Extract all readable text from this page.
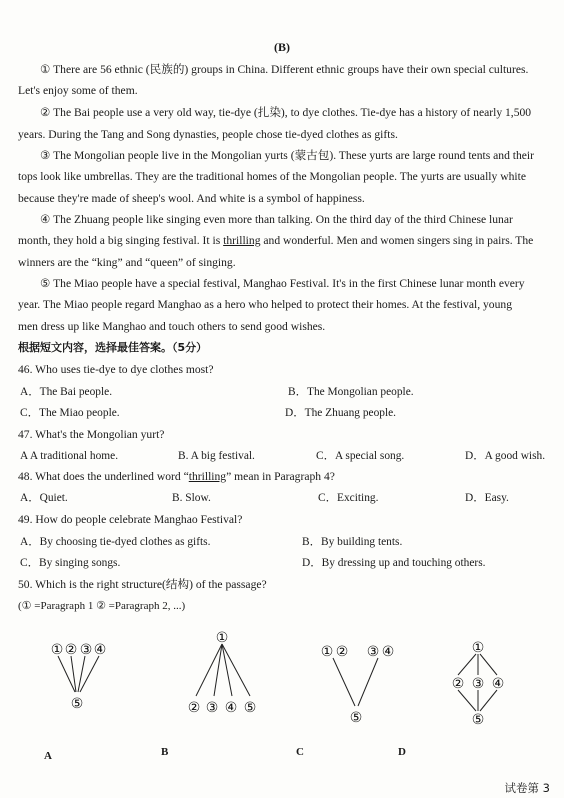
(B)
① There are 56 ethnic (民族的) groups in China. Different ethnic groups have their own special cultures.
Let's enjoy some of them.
② The Bai people use a very old way, tie-dye (扎染), to dye clothes. Tie-dye has a history of nearly 1,500
years. During the Tang and Song dynasties, people chose tie-dyed clothes as gifts.
③ The Mongolian people live in the Mongolian yurts (蒙古包). These yurts are large round tents and their
tops look like umbrellas. They are the traditional homes of the Mongolian people. The yurts are usually white
because they're made of sheep's wool. And white is a symbol of happiness.
④ The Zhuang people like singing even more than talking. On the third day of the third Chinese lunar
month, they hold a big singing festival. It is thrilling and wonderful. Men and women singers sing in pairs. The
winners are the “king” and “queen” of singing.
⑤ The Miao people have a special festival, Manghao Festival. It's in the first Chinese lunar month every
year. The Miao people regard Manghao as a hero who helped to protect their homes. At the festival, young
men dress up like Manghao and touch others to send good wishes.
根据短文内容，选择最佳答案。（5分）
46. Who uses tie-dye to dye clothes most?
A．The Bai people.	B．The Mongolian people.
C．The Miao people.	D．The Zhuang people.
47. What's the Mongolian yurt?
A A traditional home.	B. A big festival.	C．A special song.	D．A good wish.
48. What does the underlined word “thrilling” mean in Paragraph 4?
A．Quiet.	B. Slow.	C．Exciting.	D．Easy.
49. How do people celebrate Manghao Festival?
A．By choosing tie-dyed clothes as gifts.	B．By building tents.
C．By singing songs.	D．By dressing up and touching others.
50. Which is the right structure(结构) of the passage?
(① =Paragraph 1 ② =Paragraph 2, ...)
① ② ③ ④
⑤
①
② ③ ④ ⑤
① ② ③ ④
⑤
①
② ③ ④
⑤
A	B	C	D
试卷第 3
